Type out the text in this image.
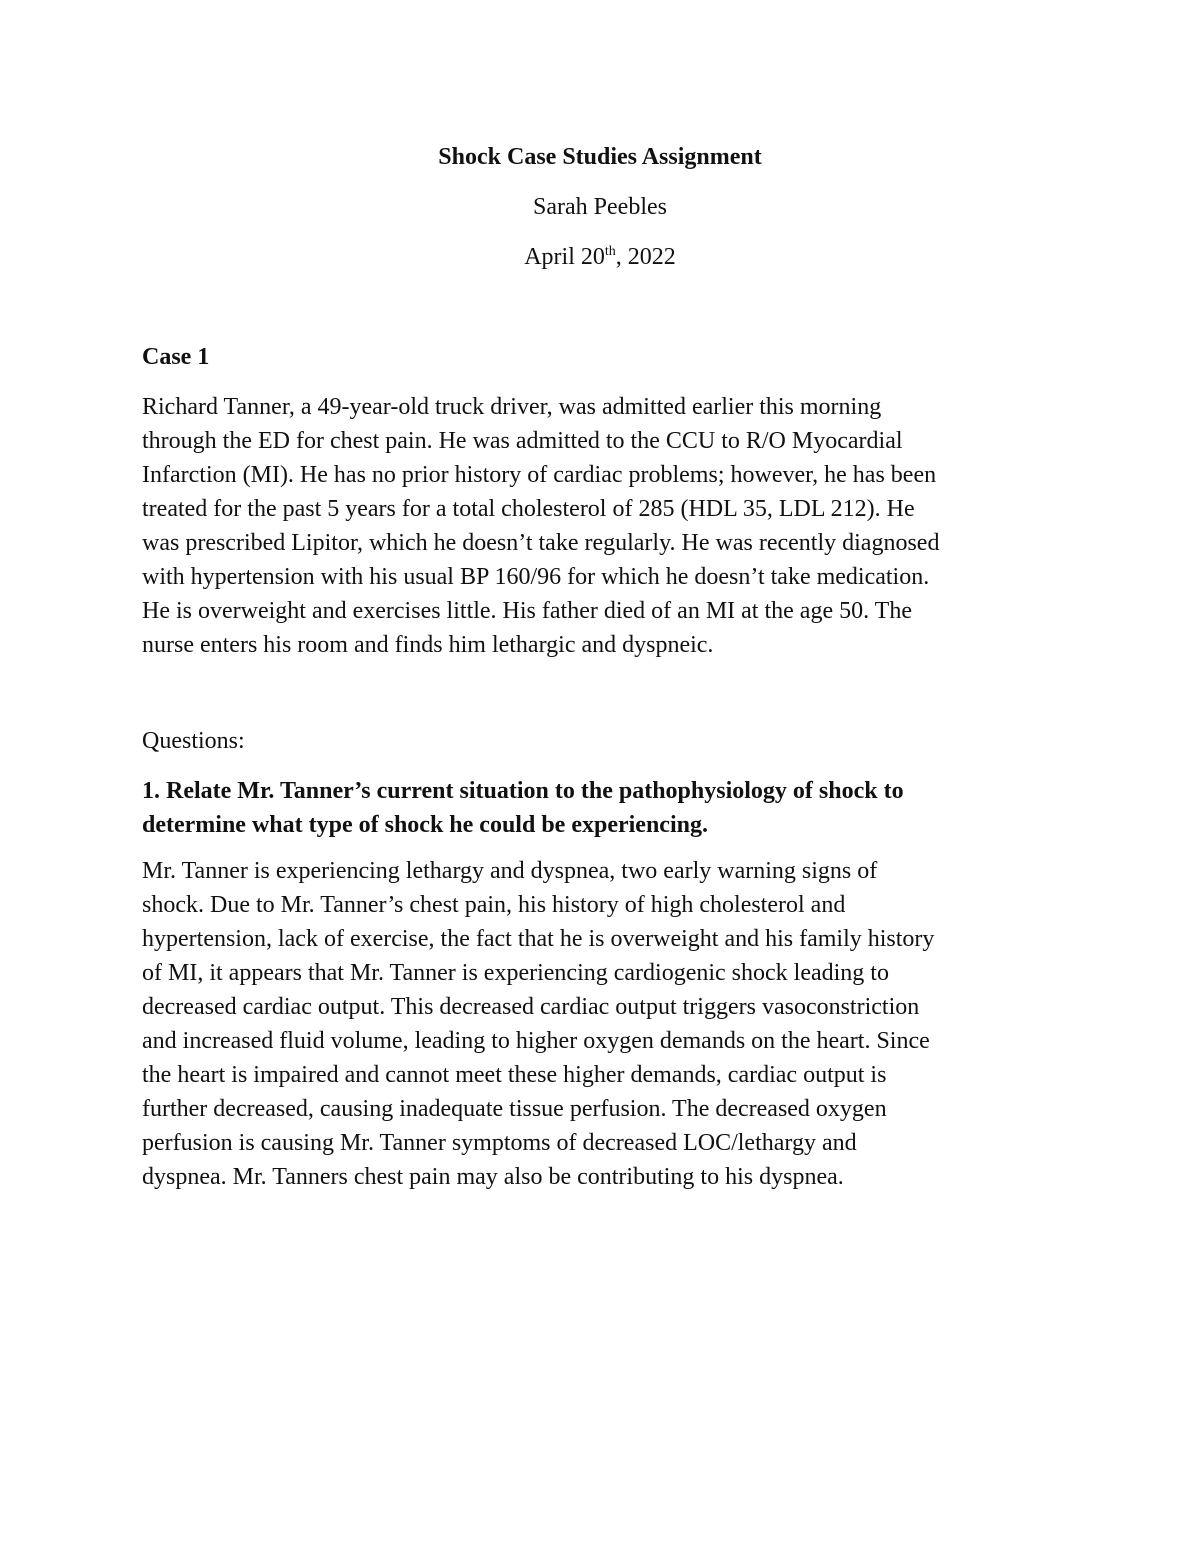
Shock Case Studies Assignment
Sarah Peebles
April 20th, 2022
Case 1
Richard Tanner, a 49-year-old truck driver, was admitted earlier this morning
through the ED for chest pain. He was admitted to the CCU to R/O Myocardial
Infarction (MI). He has no prior history of cardiac problems; however, he has been
treated for the past 5 years for a total cholesterol of 285 (HDL 35, LDL 212). He
was prescribed Lipitor, which he doesn’t take regularly. He was recently diagnosed
with hypertension with his usual BP 160/96 for which he doesn’t take medication.
He is overweight and exercises little. His father died of an MI at the age 50. The
nurse enters his room and finds him lethargic and dyspneic.
Questions:
1. Relate Mr. Tanner’s current situation to the pathophysiology of shock to
determine what type of shock he could be experiencing.
Mr. Tanner is experiencing lethargy and dyspnea, two early warning signs of
shock. Due to Mr. Tanner’s chest pain, his history of high cholesterol and
hypertension, lack of exercise, the fact that he is overweight and his family history
of MI, it appears that Mr. Tanner is experiencing cardiogenic shock leading to
decreased cardiac output. This decreased cardiac output triggers vasoconstriction
and increased fluid volume, leading to higher oxygen demands on the heart. Since
the heart is impaired and cannot meet these higher demands, cardiac output is
further decreased, causing inadequate tissue perfusion. The decreased oxygen
perfusion is causing Mr. Tanner symptoms of decreased LOC/lethargy and
dyspnea. Mr. Tanners chest pain may also be contributing to his dyspnea.
